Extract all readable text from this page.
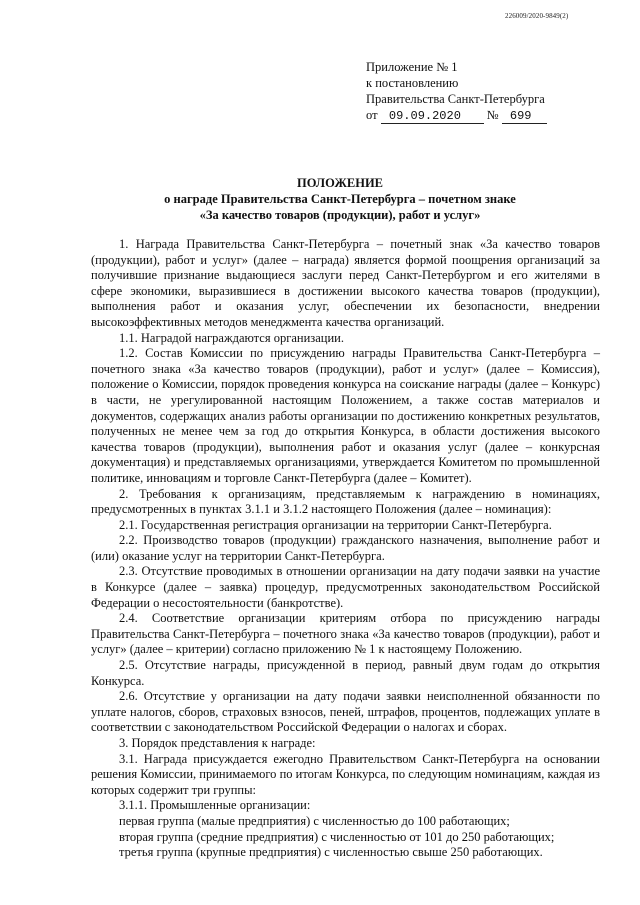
226009/2020-9849(2)
Приложение № 1
к постановлению
Правительства Санкт-Петербурга
от 09.09.2020 № 699
ПОЛОЖЕНИЕ
о награде Правительства Санкт-Петербурга – почетном знаке
«За качество товаров (продукции), работ и услуг»

1. Награда Правительства Санкт-Петербурга – почетный знак «За качество товаров (продукции), работ и услуг» (далее – награда) является формой поощрения организаций за получившие признание выдающиеся заслуги перед Санкт-Петербургом и его жителями в сфере экономики, выразившиеся в достижении высокого качества товаров (продукции), выполнения работ и оказания услуг, обеспечении их безопасности, внедрении высокоэффективных методов менеджмента качества организаций.

1.1. Наградой награждаются организации.

1.2. Состав Комиссии по присуждению награды Правительства Санкт-Петербурга – почетного знака «За качество товаров (продукции), работ и услуг» (далее – Комиссия), положение о Комиссии, порядок проведения конкурса на соискание награды (далее – Конкурс) в части, не урегулированной настоящим Положением, а также состав материалов и документов, содержащих анализ работы организации по достижению конкретных результатов, полученных не менее чем за год до открытия Конкурса, в области достижения высокого качества товаров (продукции), выполнения работ и оказания услуг (далее – конкурсная документация) и представляемых организациями, утверждается Комитетом по промышленной политике, инновациям и торговле Санкт-Петербурга (далее – Комитет).

2. Требования к организациям, представляемым к награждению в номинациях, предусмотренных в пунктах 3.1.1 и 3.1.2 настоящего Положения (далее – номинация):

2.1. Государственная регистрация организации на территории Санкт-Петербурга.

2.2. Производство товаров (продукции) гражданского назначения, выполнение работ и (или) оказание услуг на территории Санкт-Петербурга.

2.3. Отсутствие проводимых в отношении организации на дату подачи заявки на участие в Конкурсе (далее – заявка) процедур, предусмотренных законодательством Российской Федерации о несостоятельности (банкротстве).

2.4. Соответствие организации критериям отбора по присуждению награды Правительства Санкт-Петербурга – почетного знака «За качество товаров (продукции), работ и услуг» (далее – критерии) согласно приложению № 1 к настоящему Положению.

2.5. Отсутствие награды, присужденной в период, равный двум годам до открытия Конкурса.

2.6. Отсутствие у организации на дату подачи заявки неисполненной обязанности по уплате налогов, сборов, страховых взносов, пеней, штрафов, процентов, подлежащих уплате в соответствии с законодательством Российской Федерации о налогах и сборах.

3. Порядок представления к награде:

3.1. Награда присуждается ежегодно Правительством Санкт-Петербурга на основании решения Комиссии, принимаемого по итогам Конкурса, по следующим номинациям, каждая из которых содержит три группы:

3.1.1. Промышленные организации:

первая группа (малые предприятия) с численностью до 100 работающих;

вторая группа (средние предприятия) с численностью от 101 до 250 работающих;

третья группа (крупные предприятия) с численностью свыше 250 работающих.
